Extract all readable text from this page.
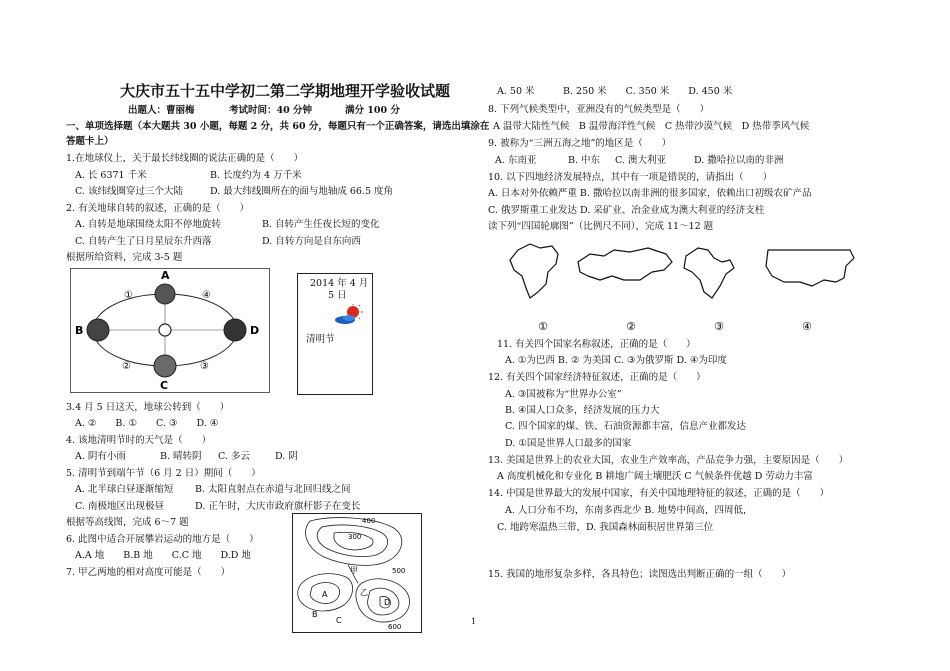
大庆市五十五中学初二第二学期地理开学验收试题
出题人：曹丽梅	考试时间：40 分钟	满分 100 分
一、单项选择题（本大题共 30 小题，每题 2 分，共 60 分，每题只有一个正确答案，请选出填涂在
答题卡上）
1.在地球仪上，关于最长纬线圈的说法正确的是（　　）
A. 长 6371 千米	B. 长度约为 4 万千米
C. 该纬线圈穿过三个大陆	D. 最大纬线圈所在的面与地轴成 66.5 度角
2. 有关地球自转的叙述，正确的是（　　）
A. 自转是地球围绕太阳不停地旋转	B. 自转产生任夜长短的变化
C. 自转产生了日月星辰东升西落	D. 自转方向是自东向西
根据所给资料，完成 3-5 题
A
B
C
D
①
②	③
④
2014 年 4 月
5 日
清明节
3.4 月 5 日这天，地球公转到（　　）
A. ②　　B. ①　　C. ③　　D. ④
4. 该地清明节时的天气是（　　）
A. 阴有小雨	B. 晴转阴 C. 多云	D. 阴
5. 清明节到端午节（6 月 2 日）期间（　　）
A. 北半球白昼逐渐缩短 B. 太阳直射点在赤道与北回归线之间
C. 南极地区出现极昼	D. 正午时，大庆市政府旗杆影子在变长
根据等高线图，完成 6～7 题
6. 此图中适合开展攀岩运动的地方是（　　）
A.A 地　　B.B 地　　C.C 地　　D.D 地
7. 甲乙两地的相对高度可能是（　　）
300
400
500
600
甲
乙
A
B
C
D
A. 50 米　　　B. 250 米　　C. 350 米　　D. 450 米
8. 下列气候类型中，亚洲没有的气候类型是（　　）
A 温带大陆性气候　B 温带海洋性气候　C 热带沙漠气候　D 热带季风气候
9. 被称为“三洲五海之地”的地区是（　　）
A. 东南亚	B. 中东 C. 澳大利亚	D. 撒哈拉以南的非洲
10. 以下四地经济发展特点，其中有一项是错误的，请指出（　　）
A. 日本对外依赖严重 B. 撒哈拉以南非洲的很多国家，依赖出口初级农矿产品
C. 俄罗斯重工业发达 D. 采矿业、冶金业成为澳大利亚的经济支柱
读下列“四国轮廓图”（比例尺不同），完成 11～12 题
①	②	③	④
11. 有关四个国家名称叙述，正确的是（　　）
A. ①为巴西 B. ② 为美国 C. ③为俄罗斯 D. ④为印度
12. 有关四个国家经济特征叙述，正确的是（　　）
A. ③国被称为“世界办公室”
B. ④国人口众多，经济发展的压力大
C. 四个国家的煤、铁、石油资源都丰富，信息产业都发达
D. ①国是世界人口最多的国家
13. 美国是世界上的农业大国，农业生产效率高，产品竞争力强，主要原因是（　　）
A 高度机械化和专业化 B 耕地广阔土壤肥沃 C 气候条件优越 D 劳动力丰富
14. 中国是世界最大的发展中国家，有关中国地理特征的叙述，正确的是（　　）
A. 人口分布不均，东南多西北少 B. 地势中间高，四周低，
C. 地跨寒温热三带，D. 我国森林面积居世界第三位
15. 我国的地形复杂多样，各具特色；读图选出判断正确的一组（　　）
1
